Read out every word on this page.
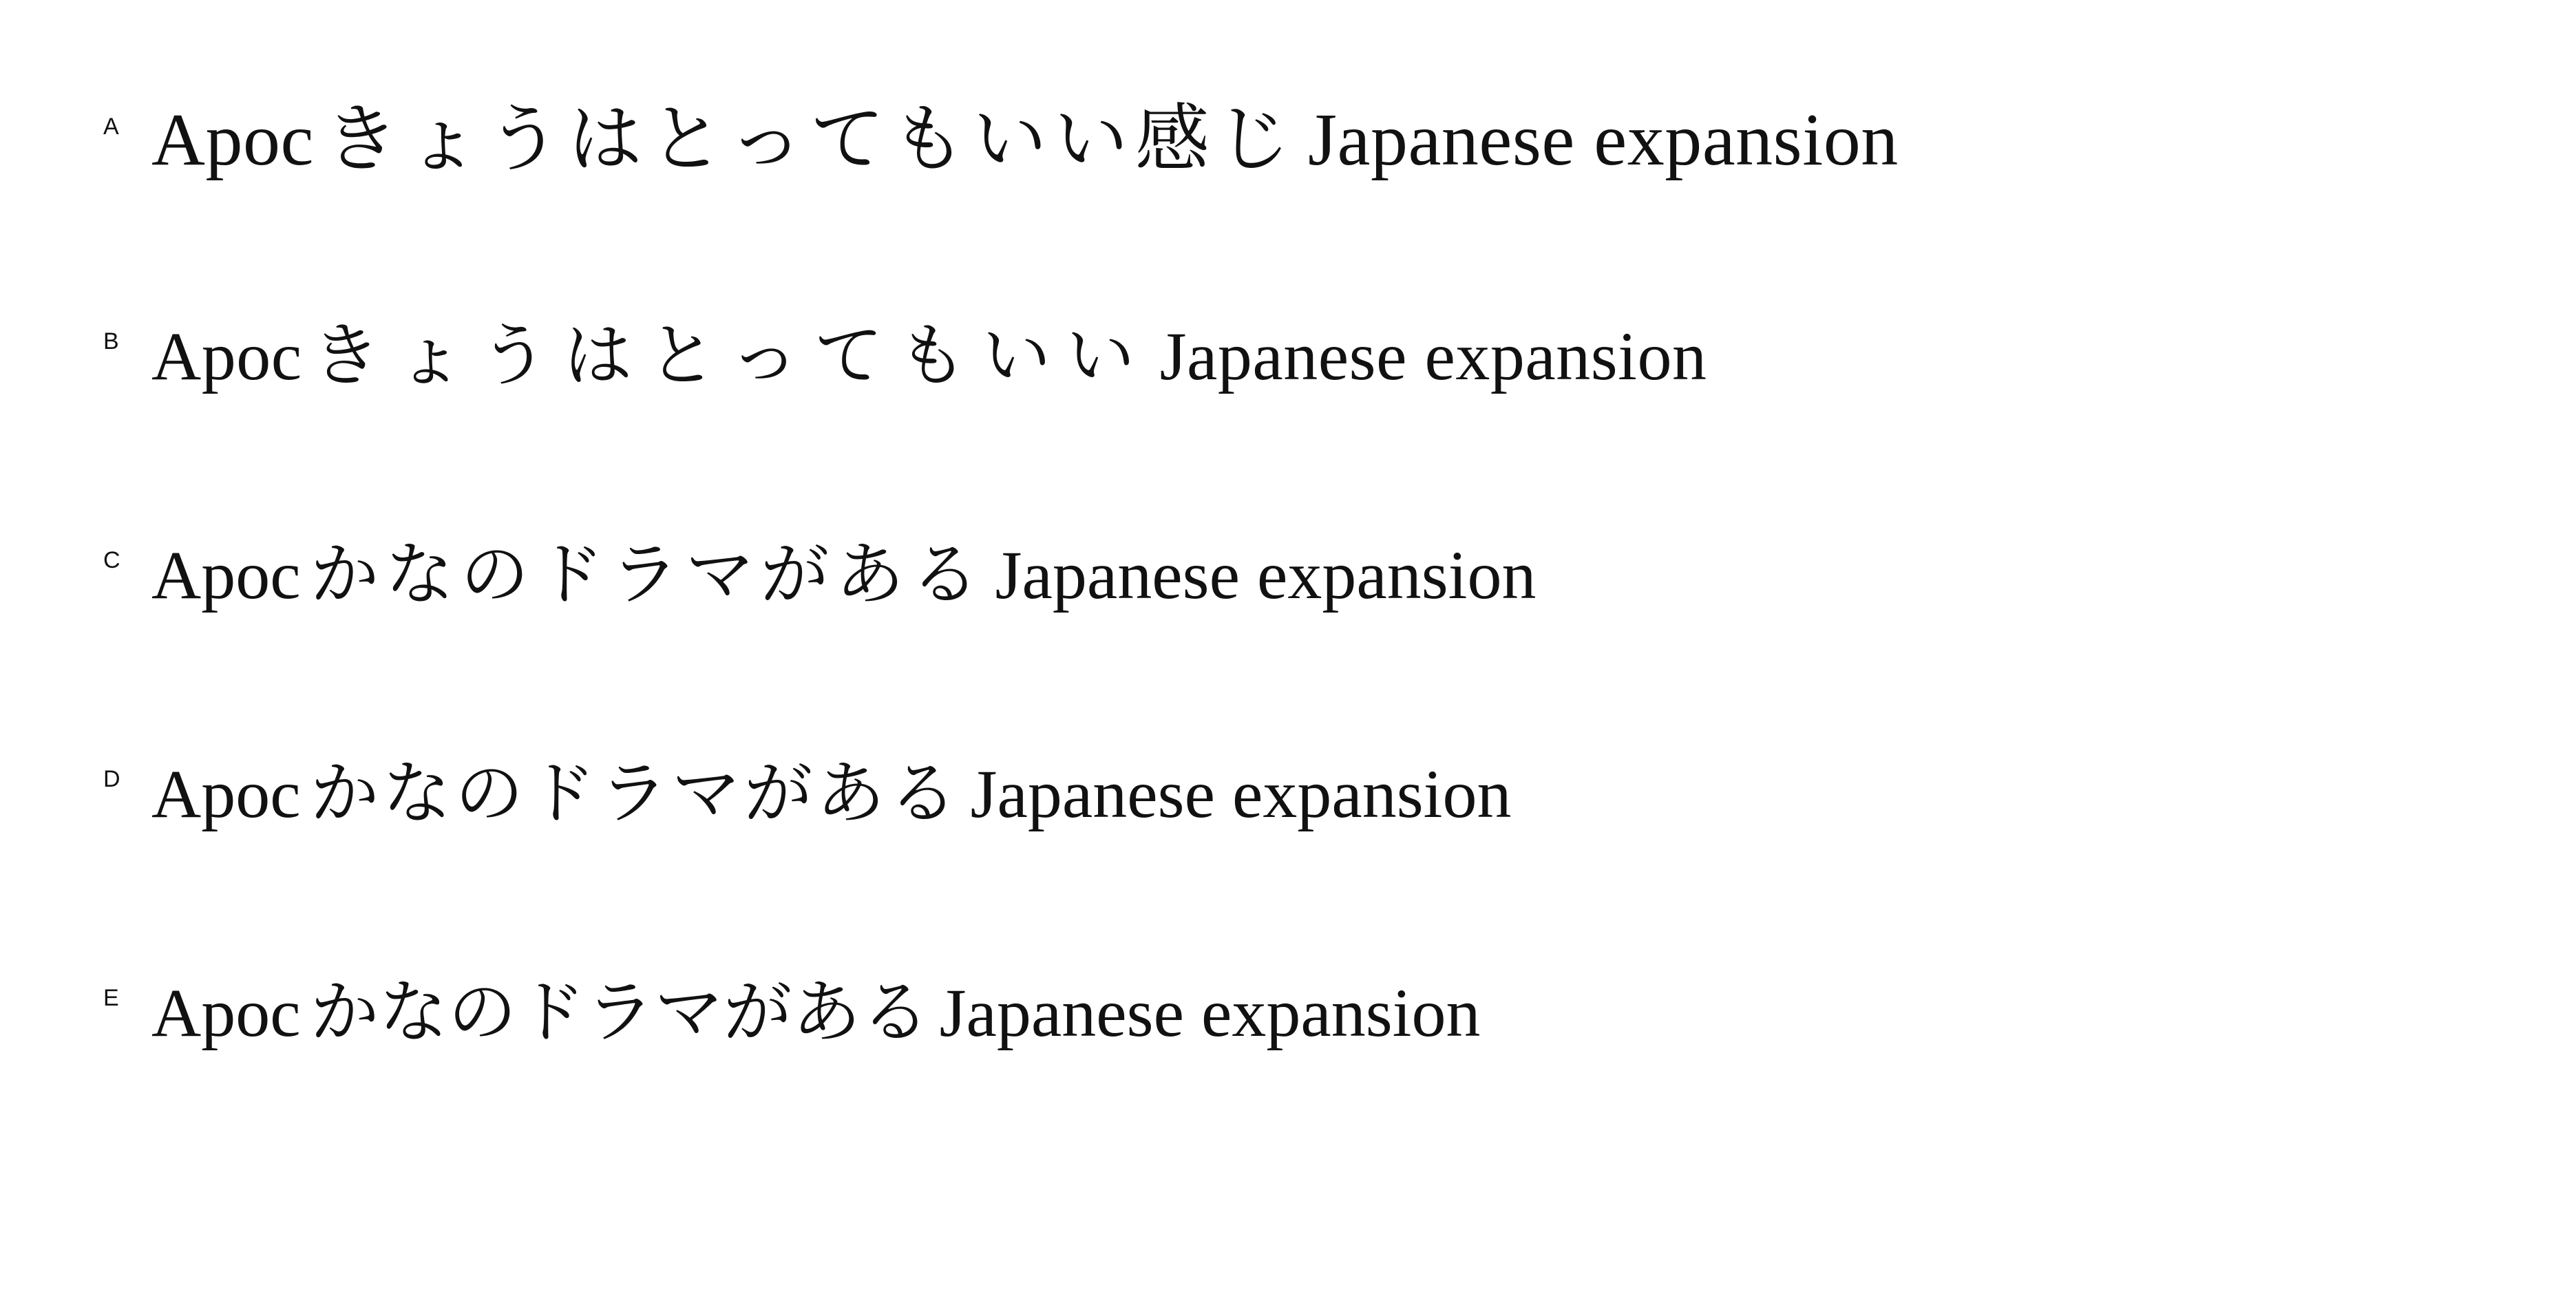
A Apoc きょうはとってもいい感じ Japanese expansion
B Apoc きょうはとってもいい Japanese expansion
C Apoc かなのドラマがある Japanese expansion
D Apoc かなのドラマがある Japanese expansion
E Apoc かなのドラマがある Japanese expansion
